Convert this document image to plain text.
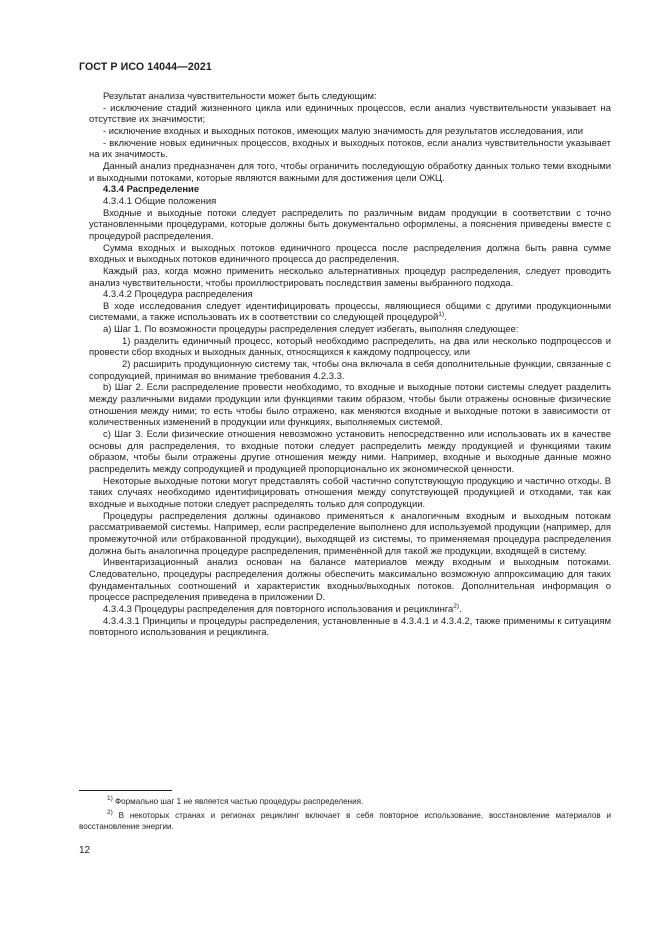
ГОСТ Р ИСО 14044—2021

Результат анализа чувствительности может быть следующим:

- исключение стадий жизненного цикла или единичных процессов, если анализ чувствительности указывает на отсутствие их значимости;

- исключение входных и выходных потоков, имеющих малую значимость для результатов исследования, или

- включение новых единичных процессов, входных и выходных потоков, если анализ чувствительности указывает на их значимость.

Данный анализ предназначен для того, чтобы ограничить последующую обработку данных только теми входными и выходными потоками, которые являются важными для достижения цели ОЖЦ.

4.3.4 Распределение

4.3.4.1 Общие положения

Входные и выходные потоки следует распределить по различным видам продукции в соответствии с точно установленными процедурами, которые должны быть документально оформлены, а пояснения приведены вместе с процедурой распределения.

Сумма входных и выходных потоков единичного процесса после распределения должна быть равна сумме входных и выходных потоков единичного процесса до распределения.

Каждый раз, когда можно применить несколько альтернативных процедур распределения, следует проводить анализ чувствительности, чтобы проиллюстрировать последствия замены выбранного подхода.

4.3.4.2 Процедура распределения

В ходе исследования следует идентифицировать процессы, являющиеся общими с другими продукционными системами, а также использовать их в соответствии со следующей процедурой$^{1)}$.

а) Шаг 1. По возможности процедуры распределения следует избегать, выполняя следующее:

1) разделить единичный процесс, который необходимо распределить, на два или несколько подпроцессов и провести сбор входных и выходных данных, относящихся к каждому подпроцессу, или

2) расширить продукционную систему так, чтобы она включала в себя дополнительные функции, связанные с сопродукцией, принимая во внимание требования 4.2.3.3.

b) Шаг 2. Если распределение провести необходимо, то входные и выходные потоки системы следует разделить между различными видами продукции или функциями таким образом, чтобы были отражены основные физические отношения между ними; то есть чтобы было отражено, как меняются входные и выходные потоки в зависимости от количественных изменений в продукции или функциях, выполняемых системой.

c) Шаг 3. Если физические отношения невозможно установить непосредственно или использовать их в качестве основы для распределения, то входные потоки следует распределить между продукцией и функциями таким образом, чтобы были отражены другие отношения между ними. Например, входные и выходные данные можно распределить между сопродукцией и продукцией пропорционально их экономической ценности.

Некоторые выходные потоки могут представлять собой частично сопутствующую продукцию и частично отходы. В таких случаях необходимо идентифицировать отношения между сопутствующей продукцией и отходами, так как входные и выходные потоки следует распределять только для сопродукции.

Процедуры распределения должны одинаково применяться к аналогичным входным и выходным потокам рассматриваемой системы. Например, если распределение выполнено для используемой продукции (например, для промежуточной или отбракованной продукции), выходящей из системы, то применяемая процедура распределения должна быть аналогична процедуре распределения, применённой для такой же продукции, входящей в систему.

Инвентаризационный анализ основан на балансе материалов между входным и выходным потоками. Следовательно, процедуры распределения должны обеспечить максимально возможную аппроксимацию для таких фундаментальных соотношений и характеристик входных/выходных потоков. Дополнительная информация о процессе распределения приведена в приложении D.

4.3.4.3 Процедуры распределения для повторного использования и рециклинга$^{2)}$.

4.3.4.3.1 Принципы и процедуры распределения, установленные в 4.3.4.1 и 4.3.4.2, также применимы к ситуациям повторного использования и рециклинга.

$^{1)}$ Формально шаг 1 не является частью процедуры распределения.

$^{2)}$ В некоторых странах и регионах рециклинг включает в себя повторное использование, восстановление материалов и восстановление энергии.

12
